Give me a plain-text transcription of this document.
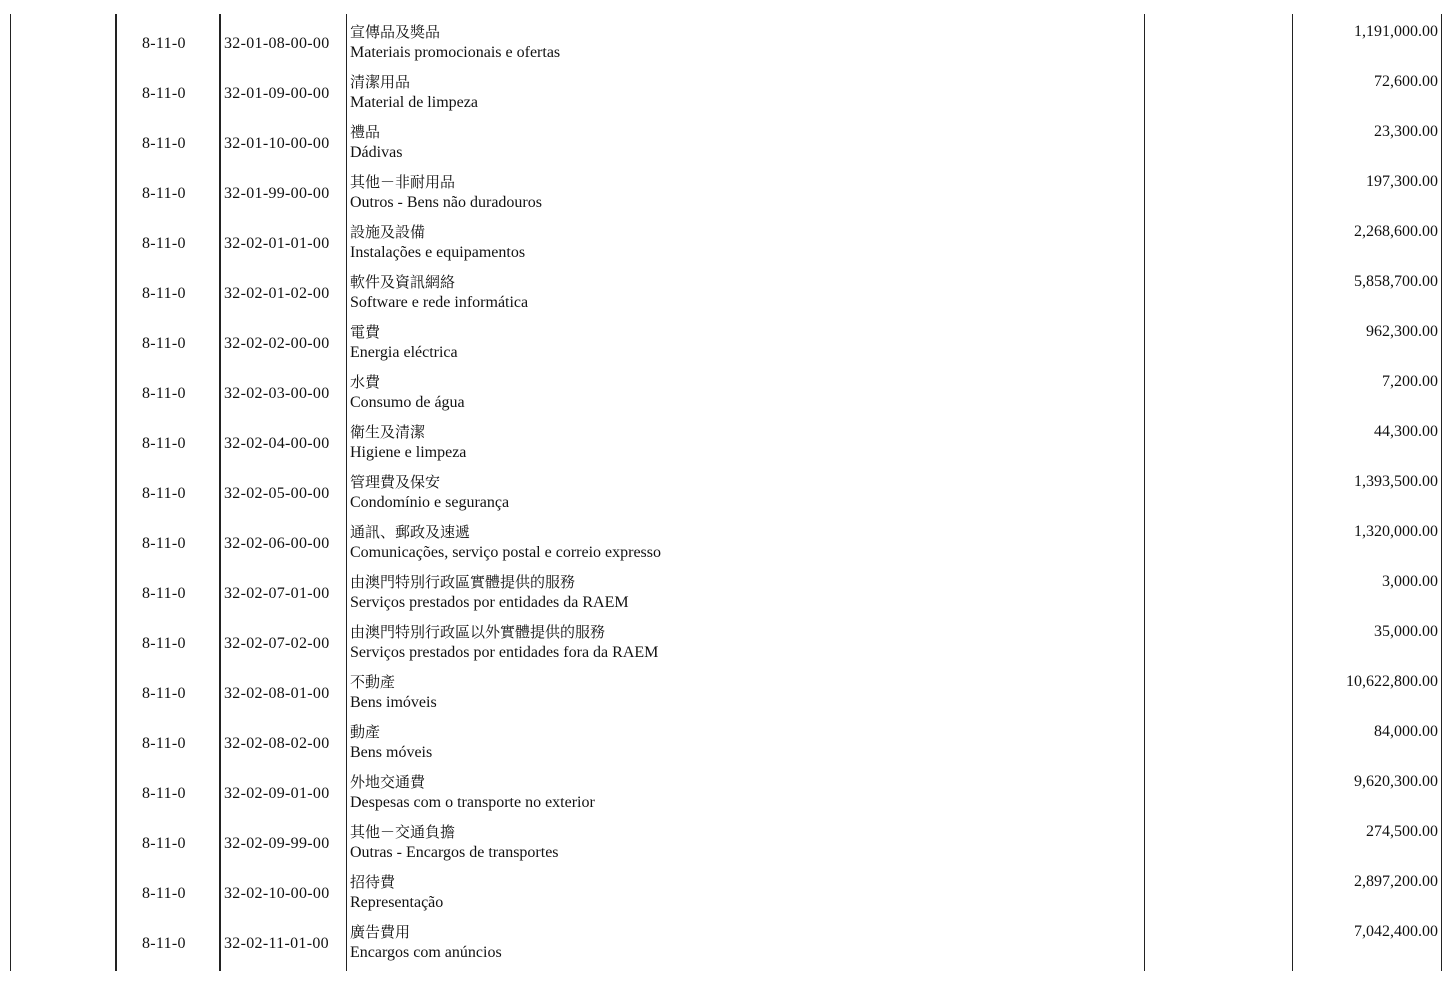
8-11-0 32-01-08-00-00
宣傳品及獎品
Materiais promocionais e ofertas
1,191,000.00
8-11-0 32-01-09-00-00
清潔用品
Material de limpeza
72,600.00
8-11-0 32-01-10-00-00
禮品
Dádivas
23,300.00
8-11-0 32-01-99-00-00
其他－非耐用品
Outros - Bens não duradouros
197,300.00
8-11-0 32-02-01-01-00
設施及設備
Instalações e equipamentos
2,268,600.00
8-11-0 32-02-01-02-00
軟件及資訊網絡
Software e rede informática
5,858,700.00
8-11-0 32-02-02-00-00
電費
Energia eléctrica
962,300.00
8-11-0 32-02-03-00-00
水費
Consumo de água
7,200.00
8-11-0 32-02-04-00-00
衛生及清潔
Higiene e limpeza
44,300.00
8-11-0 32-02-05-00-00
管理費及保安
Condomínio e segurança
1,393,500.00
8-11-0 32-02-06-00-00
通訊、郵政及速遞
Comunicações, serviço postal e correio expresso
1,320,000.00
8-11-0 32-02-07-01-00
由澳門特別行政區實體提供的服務
Serviços prestados por entidades da RAEM
3,000.00
8-11-0 32-02-07-02-00
由澳門特別行政區以外實體提供的服務
Serviços prestados por entidades fora da RAEM
35,000.00
8-11-0 32-02-08-01-00
不動產
Bens imóveis
10,622,800.00
8-11-0 32-02-08-02-00
動產
Bens móveis
84,000.00
8-11-0 32-02-09-01-00
外地交通費
Despesas com o transporte no exterior
9,620,300.00
8-11-0 32-02-09-99-00
其他－交通負擔
Outras - Encargos de transportes
274,500.00
8-11-0 32-02-10-00-00
招待費
Representação
2,897,200.00
8-11-0 32-02-11-01-00
廣告費用
Encargos com anúncios
7,042,400.00
